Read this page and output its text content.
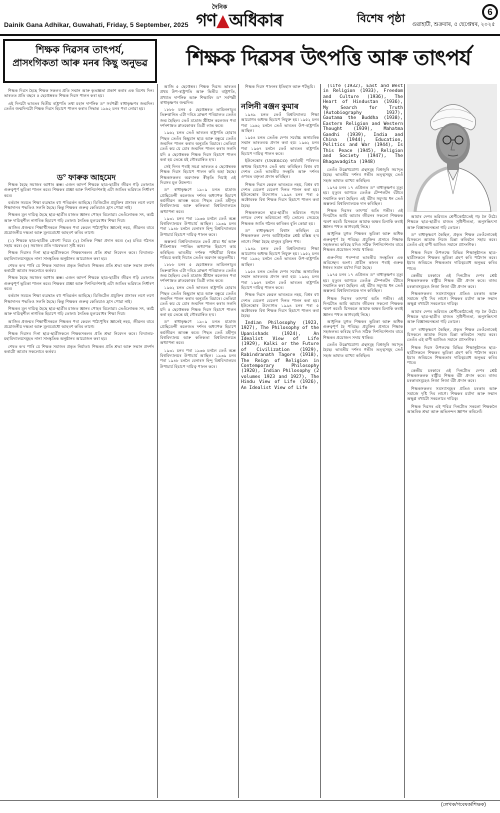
Dainik Gana Adhikar, Guwahati, Friday, 5 September, 2025
দৈনিক
গণ▲অধিকাৰ	বিশেষ পৃষ্ঠা গুৱাহাটী, শুক্ৰবাৰ, ৫ ছেপ্তেম্বৰ, ২০২৫
6
শিক্ষক দিৱসৰ তাৎপৰ্য,
প্ৰাসংগিকতা আৰু মনৰ কিছু অনুভৱ

শিক্ষক দিৱস হৈছে শিক্ষক সকলৰ প্ৰতি সন্মান আৰু কৃতজ্ঞতা প্ৰকাশ কৰাৰ এক বিশেষ দিন। ভাৰতত প্ৰতি বছৰে ৫ ছেপ্তেম্বৰত শিক্ষক দিৱস পালন কৰা হয়।

এই দিনটো ভাৰতৰ দ্বিতীয় ৰাষ্ট্ৰপতি তথা মহান দাৰ্শনিক ড° সৰ্বপল্লী ৰাধাকৃষ্ণণৰ জন্মদিন। তেওঁৰ জন্মদিনটো শিক্ষক দিৱস হিচাপে পালন কৰাৰ সিদ্ধান্ত ১৯৬২ চনৰ পৰা লোৱা হয়।

ড° ফাৰুক আহমেদ

শিক্ষক হৈছে সমাজৰ আধাৰ স্তম্ভ। এজন আদৰ্শ শিক্ষকে ছাত্ৰ-ছাত্ৰীৰ জীৱন গঢ়ি তোলাত গুৰুত্বপূৰ্ণ ভূমিকা পালন কৰে। শিক্ষকৰ প্ৰজ্ঞা আৰু দিশনিৰ্দেশনাই এটা জাতিৰ ভৱিষ্যত নিৰ্ধাৰণ কৰে।

বৰ্তমান সময়ত শিক্ষা ব্যৱস্থাত বহু পৰিৱৰ্তন আহিছে। ডিজিটেল প্ৰযুক্তিৰ প্ৰসাৰৰ লগে লগে শিক্ষাদানৰ পদ্ধতিও সলনি হৈছে। কিন্তু শিক্ষকৰ গুৰুত্ব কেতিয়াও হ্ৰাস পোৱা নাই।

শিক্ষকৰ মূল দায়িত্ব হৈছে ছাত্ৰ-ছাত্ৰীৰ মাজত জ্ঞানৰ পোহৰ বিলোৱা। তেওঁলোকক সৎ, কৰ্মঠ আৰু দায়িত্বশীল নাগৰিক হিচাপে গঢ়ি তোলা। নৈতিক মূল্যবোধৰ শিক্ষা দিয়া।

আজিৰ প্ৰজন্মৰ শিক্ষাৰ্থীসকলে শিক্ষকৰ পৰা কেৱল পাঠ্যপুথিৰ জ্ঞানেই নহয়, জীৱনৰ বাবে প্ৰয়োজনীয় দক্ষতা আৰু মূল্যবোধো আহৰণ কৰিব লাগে।

(১) শিক্ষকে ছাত্ৰ-ছাত্ৰীক প্ৰেৰণা দিয়ে। (২) নৈতিক শিক্ষা প্ৰদান কৰে। (৩) চৰিত্ৰ গঠনত সহায় কৰে। (৪) সমাজৰ প্ৰতি দায়বদ্ধতা সৃষ্টি কৰে।

শিক্ষক দিৱসৰ দিনা ছাত্ৰ-ছাত্ৰীসকলে শিক্ষকসকলৰ প্ৰতি শ্ৰদ্ধা নিবেদন কৰে। বিদ্যালয়-মহাবিদ্যালয়সমূহত নানা সাংস্কৃতিক অনুষ্ঠানৰ আয়োজন কৰা হয়।

শেষত ক'ব পাৰি যে শিক্ষক সমাজৰ প্ৰকৃত নিৰ্মাতা। শিক্ষকৰ প্ৰতি শ্ৰদ্ধা আৰু সন্মান প্ৰদৰ্শন কৰাটো আমাৰ সকলোৰে কৰ্তব্য।

শিক্ষক হৈছে সমাজৰ আধাৰ স্তম্ভ। এজন আদৰ্শ শিক্ষকে ছাত্ৰ-ছাত্ৰীৰ জীৱন গঢ়ি তোলাত গুৰুত্বপূৰ্ণ ভূমিকা পালন কৰে। শিক্ষকৰ প্ৰজ্ঞা আৰু দিশনিৰ্দেশনাই এটা জাতিৰ ভৱিষ্যত নিৰ্ধাৰণ কৰে।

বৰ্তমান সময়ত শিক্ষা ব্যৱস্থাত বহু পৰিৱৰ্তন আহিছে। ডিজিটেল প্ৰযুক্তিৰ প্ৰসাৰৰ লগে লগে শিক্ষাদানৰ পদ্ধতিও সলনি হৈছে। কিন্তু শিক্ষকৰ গুৰুত্ব কেতিয়াও হ্ৰাস পোৱা নাই।

শিক্ষকৰ মূল দায়িত্ব হৈছে ছাত্ৰ-ছাত্ৰীৰ মাজত জ্ঞানৰ পোহৰ বিলোৱা। তেওঁলোকক সৎ, কৰ্মঠ আৰু দায়িত্বশীল নাগৰিক হিচাপে গঢ়ি তোলা। নৈতিক মূল্যবোধৰ শিক্ষা দিয়া।

আজিৰ প্ৰজন্মৰ শিক্ষাৰ্থীসকলে শিক্ষকৰ পৰা কেৱল পাঠ্যপুথিৰ জ্ঞানেই নহয়, জীৱনৰ বাবে প্ৰয়োজনীয় দক্ষতা আৰু মূল্যবোধো আহৰণ কৰিব লাগে।

শিক্ষক দিৱসৰ দিনা ছাত্ৰ-ছাত্ৰীসকলে শিক্ষকসকলৰ প্ৰতি শ্ৰদ্ধা নিবেদন কৰে। বিদ্যালয়-মহাবিদ্যালয়সমূহত নানা সাংস্কৃতিক অনুষ্ঠানৰ আয়োজন কৰা হয়।

শেষত ক'ব পাৰি যে শিক্ষক সমাজৰ প্ৰকৃত নিৰ্মাতা। শিক্ষকৰ প্ৰতি শ্ৰদ্ধা আৰু সন্মান প্ৰদৰ্শন কৰাটো আমাৰ সকলোৰে কৰ্তব্য।

শিক্ষক দিৱসৰ উৎপত্তি আৰু তাৎপৰ্য

আজি ৫ ছেপ্তেম্বৰ। শিক্ষক দিৱস। ভাৰতৰ প্ৰথম উপ-ৰাষ্ট্ৰপতি আৰু দ্বিতীয় ৰাষ্ট্ৰপতি, প্ৰখ্যাত দাৰ্শনিক আৰু শিক্ষাবিদ ড° সৰ্বপল্লী ৰাধাকৃষ্ণণৰ জন্মদিন।

১৮৮৮ চনৰ ৫ ছেপ্তেম্বৰত তামিলনাডুৰ তিৰুত্তানিত এটা দৰিদ্ৰ ব্ৰাহ্মণ পৰিয়ালত তেওঁৰ জন্ম হৈছিল। তেওঁ মাদ্ৰাজ খ্ৰীষ্টান কলেজৰ পৰা দৰ্শনশাস্ত্ৰত স্নাতকোত্তৰ ডিগ্ৰী লাভ কৰে।

১৯৬২ চনত তেওঁ ভাৰতৰ ৰাষ্ট্ৰপতি হোৱাৰ পিছত তেওঁৰ কিছুমান ছাত্ৰ আৰু বন্ধুৱে তেওঁৰ জন্মদিন পালন কৰাৰ অনুমতি বিচাৰে। তেতিয়া তেওঁ কয় যে মোৰ জন্মদিন পালন কৰাৰ সলনি যদি ৫ ছেপ্তেম্বৰক শিক্ষক দিৱস হিচাপে পালন কৰা হয় তেন্তে মই গৌৰৱান্বিত হ'ম।

সেই দিনৰ পৰাই সমগ্ৰ ভাৰতত ৫ ছেপ্তেম্বৰক শিক্ষক দিৱস হিচাপে পালন কৰি অহা হৈছে। শিক্ষকসকলৰ অৱদানক স্বীকৃতি দিয়াই এই দিৱসৰ মূল উদ্দেশ্য।

ড° ৰাধাকৃষ্ণণে ১৯০৯ চনত মাদ্ৰাজ প্ৰেছিডেন্সী কলেজত দৰ্শনৰ অধ্যাপক হিচাপে কৰ্মজীৱন আৰম্ভ কৰে। পিছত তেওঁ মহীশূৰ বিশ্ববিদ্যালয় আৰু কলিকতা বিশ্ববিদ্যালয়ত অধ্যাপনা কৰে।

১৯৩১ চনৰ পৰা ১৯৩৬ চনলৈ তেওঁ অন্ধ্ৰ বিশ্ববিদ্যালয়ৰ উপাচাৰ্য আছিল। ১৯৩৯ চনৰ পৰা ১৯৪৮ চনলৈ বেনাৰস হিন্দু বিশ্ববিদ্যালয়ৰ উপাচাৰ্য হিচাপে দায়িত্ব পালন কৰে।

অক্সফৰ্ড বিশ্ববিদ্যালয়ত তেওঁ প্ৰাচ্য ধৰ্ম আৰু নীতিশাস্ত্ৰৰ স্পাল্ডিং অধ্যাপক হিচাপে কাম কৰিছিল। ভাৰতীয় দৰ্শনক পশ্চিমীয়া বিশ্বত পৰিচয় কৰাই দিয়াত তেওঁৰ অৱদান অতুলনীয়।

১৮৮৮ চনৰ ৫ ছেপ্তেম্বৰত তামিলনাডুৰ তিৰুত্তানিত এটা দৰিদ্ৰ ব্ৰাহ্মণ পৰিয়ালত তেওঁৰ জন্ম হৈছিল। তেওঁ মাদ্ৰাজ খ্ৰীষ্টান কলেজৰ পৰা দৰ্শনশাস্ত্ৰত স্নাতকোত্তৰ ডিগ্ৰী লাভ কৰে।

১৯৬২ চনত তেওঁ ভাৰতৰ ৰাষ্ট্ৰপতি হোৱাৰ পিছত তেওঁৰ কিছুমান ছাত্ৰ আৰু বন্ধুৱে তেওঁৰ জন্মদিন পালন কৰাৰ অনুমতি বিচাৰে। তেতিয়া তেওঁ কয় যে মোৰ জন্মদিন পালন কৰাৰ সলনি যদি ৫ ছেপ্তেম্বৰক শিক্ষক দিৱস হিচাপে পালন কৰা হয় তেন্তে মই গৌৰৱান্বিত হ'ম।

ড° ৰাধাকৃষ্ণণে ১৯০৯ চনত মাদ্ৰাজ প্ৰেছিডেন্সী কলেজত দৰ্শনৰ অধ্যাপক হিচাপে কৰ্মজীৱন আৰম্ভ কৰে। পিছত তেওঁ মহীশূৰ বিশ্ববিদ্যালয় আৰু কলিকতা বিশ্ববিদ্যালয়ত অধ্যাপনা কৰে।

১৯৩১ চনৰ পৰা ১৯৩৬ চনলৈ তেওঁ অন্ধ্ৰ বিশ্ববিদ্যালয়ৰ উপাচাৰ্য আছিল। ১৯৩৯ চনৰ পৰা ১৯৪৮ চনলৈ বেনাৰস হিন্দু বিশ্ববিদ্যালয়ৰ উপাচাৰ্য হিচাপে দায়িত্ব পালন কৰে।

শিক্ষক দিৱস পালনৰ ইতিহাস আৰু পটভূমি।

নলিনী ৰঞ্জন কুমাৰ

১৯৪৯ চনত তেওঁ বিশ্ববিদ্যালয় শিক্ষা আয়োগৰ অধ্যক্ষ হিচাপে নিযুক্ত হয়। ১৯৫২ চনৰ পৰা ১৯৬২ চনলৈ তেওঁ ভাৰতৰ উপ-ৰাষ্ট্ৰপতি আছিল।

১৯৫৪ চনত তেওঁক দেশৰ সৰ্বোচ্চ অসামৰিক সন্মান ভাৰতৰত্ন প্ৰদান কৰা হয়। ১৯৬২ চনৰ পৰা ১৯৬৭ চনলৈ তেওঁ ভাৰতৰ ৰাষ্ট্ৰপতি হিচাপে দায়িত্ব পালন কৰে।

ইউনেস্কোৰ (UNESCO) কাৰ্যবাহী পৰিষদৰ অধ্যক্ষ হিচাপেও তেওঁ কাম কৰিছিল। বিশ্বৰ বহু দেশত তেওঁ ভাৰতীয় সংস্কৃতি আৰু দৰ্শনৰ ওপৰত বক্তৃতা প্ৰদান কৰিছিল।

শিক্ষক দিৱস কেৱল ভাৰততে নহয়, বিশ্বৰ বহু দেশত বেলেগ বেলেগ দিনত পালন কৰা হয়। ইউনেস্কোৰ উদ্যোগত ১৯৯৪ চনৰ পৰা ৫ অক্টোবৰক বিশ্ব শিক্ষক দিৱস হিচাপে পালন কৰা হৈছে।

শিক্ষকসকলে ছাত্ৰ-ছাত্ৰীৰ ভৱিষ্যত গঢ়াৰ লগতে দেশৰ ভৱিষ্যতো গঢ়ি তোলে। সেয়েহে শিক্ষকক জাতি গঠনৰ কাৰিকৰ বুলি কোৱা হয়।

ড° ৰাধাকৃষ্ণণে বিশ্বাস কৰিছিল যে শিক্ষকসকল দেশৰ আটাইতকৈ শ্ৰেষ্ঠ মস্তিষ্ক হ'ব লাগে। শিক্ষা হৈছে মানুহৰ মুক্তিৰ পথ।

১৯৪৯ চনত তেওঁ বিশ্ববিদ্যালয় শিক্ষা আয়োগৰ অধ্যক্ষ হিচাপে নিযুক্ত হয়। ১৯৫২ চনৰ পৰা ১৯৬২ চনলৈ তেওঁ ভাৰতৰ উপ-ৰাষ্ট্ৰপতি আছিল।

১৯৫৪ চনত তেওঁক দেশৰ সৰ্বোচ্চ অসামৰিক সন্মান ভাৰতৰত্ন প্ৰদান কৰা হয়। ১৯৬২ চনৰ পৰা ১৯৬৭ চনলৈ তেওঁ ভাৰতৰ ৰাষ্ট্ৰপতি হিচাপে দায়িত্ব পালন কৰে।

শিক্ষক দিৱস কেৱল ভাৰততে নহয়, বিশ্বৰ বহু দেশত বেলেগ বেলেগ দিনত পালন কৰা হয়। ইউনেস্কোৰ উদ্যোগত ১৯৯৪ চনৰ পৰা ৫ অক্টোবৰক বিশ্ব শিক্ষক দিৱস হিচাপে পালন কৰা হৈছে।

Indian Philosophy (1923, 1927), The Philosophy of the Upanishads (1924), An Idealist View of Life (1929), Kalki or the Future of Civilization (1929), Rabindranath Tagore (1918), The Reign of Religion in Contemporary Philosophy (1920), Indian Philosophy (2 volumes 1923 and 1927), The Hindu View of Life (1926), An Idealist View of Life

(life (1932), East and West in Religion (1933), Freedom and Culture (1936), The Heart of Hindustan (1936), My Search for Truth (Autobiography 1937), Gautama the Buddha (1938), Eastern Religion and Western Thought (1939), Mahatma Gandhi (1939), India and China (1944), Education, Politics and War (1944), Is This Peace (1945), Religion and Society (1947), The Bhagavadgita (1948)

তেওঁৰ উল্লেখযোগ্য গ্ৰন্থসমূহ বিশ্বজুৰি সমাদৃত হৈছে। ভাৰতীয় দৰ্শনৰ গভীৰ তত্ত্বসমূহ তেওঁ সহজ ভাষাত ব্যাখ্যা কৰিছিল।

১৯৭৫ চনৰ ১৭ এপ্ৰিলত ড° ৰাধাকৃষ্ণণৰ মৃত্যু হয়। মৃত্যুৰ আগতে তেওঁক টেম্পলটন বঁটাৰে সন্মানিত কৰা হৈছিল। এই বঁটাৰ সমুদায় ধন তেওঁ অক্সফৰ্ড বিশ্ববিদ্যালয়ক দান কৰিছিল।

শিক্ষক দিৱসৰ তাৎপৰ্য অতি গভীৰ। এই দিনটোত আমি আমাৰ জীৱনৰ সকলো শিক্ষকক স্মৰণ কৰোঁ। যিসকলে আমাক অক্ষৰ চিনাকি কৰাই জ্ঞানৰ পথত আগবঢ়াই নিছে।

আধুনিক যুগত শিক্ষকৰ ভূমিকা আৰু অধিক গুৰুত্বপূৰ্ণ হৈ পৰিছে। প্ৰযুক্তিৰ প্ৰসাৰে শিক্ষাক সহজলভ্য কৰিছে যদিও সঠিক দিশনিৰ্দেশনাৰ বাবে শিক্ষকৰ প্ৰয়োজন সদায় থাকিব।

গুৰু-শিষ্য পৰম্পৰা ভাৰতীয় সংস্কৃতিৰ এক অবিচ্ছেদ্য অংগ। প্ৰাচীন কালৰ পৰাই গুৰুক ঈশ্বৰৰ সমান মৰ্যাদা দিয়া হৈছে।

১৯৭৫ চনৰ ১৭ এপ্ৰিলত ড° ৰাধাকৃষ্ণণৰ মৃত্যু হয়। মৃত্যুৰ আগতে তেওঁক টেম্পলটন বঁটাৰে সন্মানিত কৰা হৈছিল। এই বঁটাৰ সমুদায় ধন তেওঁ অক্সফৰ্ড বিশ্ববিদ্যালয়ক দান কৰিছিল।

শিক্ষক দিৱসৰ তাৎপৰ্য অতি গভীৰ। এই দিনটোত আমি আমাৰ জীৱনৰ সকলো শিক্ষকক স্মৰণ কৰোঁ। যিসকলে আমাক অক্ষৰ চিনাকি কৰাই জ্ঞানৰ পথত আগবঢ়াই নিছে।

আধুনিক যুগত শিক্ষকৰ ভূমিকা আৰু অধিক গুৰুত্বপূৰ্ণ হৈ পৰিছে। প্ৰযুক্তিৰ প্ৰসাৰে শিক্ষাক সহজলভ্য কৰিছে যদিও সঠিক দিশনিৰ্দেশনাৰ বাবে শিক্ষকৰ প্ৰয়োজন সদায় থাকিব।

তেওঁৰ উল্লেখযোগ্য গ্ৰন্থসমূহ বিশ্বজুৰি সমাদৃত হৈছে। ভাৰতীয় দৰ্শনৰ গভীৰ তত্ত্বসমূহ তেওঁ সহজ ভাষাত ব্যাখ্যা কৰিছিল।

আমাৰ দেশৰ ভৱিষ্যত শ্ৰেণীকোঠাতেই গঢ় লৈ উঠে। শিক্ষকে ছাত্ৰ-ছাত্ৰীৰ মাজত সৃষ্টিশীলতা, অনুসন্ধিৎসা আৰু বিজ্ঞানমনস্কতা গঢ়ি তোলে।

ড° ৰাধাকৃষ্ণণে কৈছিল, প্ৰকৃত শিক্ষক তেওঁলোকেই যিসকলে আমাক নিজে চিন্তা কৰিবলৈ সহায় কৰে। তেওঁৰ এই বাণী আজিও সমানে প্ৰাসংগিক।

শিক্ষক দিৱস উপলক্ষে বিভিন্ন শিক্ষানুষ্ঠানত ছাত্ৰ-ছাত্ৰীসকলে শিক্ষকৰ ভূমিকা গ্ৰহণ কৰি পাঠদান কৰে। ইয়াৰ জৰিয়তে শিক্ষকতাৰ দায়িত্ববোধ অনুভৱ কৰিব পাৰে।

কেন্দ্ৰীয় চৰকাৰে এই দিনটোত দেশৰ শ্ৰেষ্ঠ শিক্ষকসকলক ৰাষ্ট্ৰীয় শিক্ষক বঁটা প্ৰদান কৰে। ৰাজ্য চৰকাৰসমূহেও নিজা নিজা বঁটা প্ৰদান কৰে।

শিক্ষকসকলৰ সমস্যাসমূহৰ প্ৰতিও চৰকাৰ আৰু সমাজে দৃষ্টি দিব লাগে। শিক্ষকৰ মৰ্যাদা আৰু সন্মান অক্ষুণ্ণ ৰখাটো সকলোৰে দায়িত্ব।

আমাৰ দেশৰ ভৱিষ্যত শ্ৰেণীকোঠাতেই গঢ় লৈ উঠে। শিক্ষকে ছাত্ৰ-ছাত্ৰীৰ মাজত সৃষ্টিশীলতা, অনুসন্ধিৎসা আৰু বিজ্ঞানমনস্কতা গঢ়ি তোলে।

ড° ৰাধাকৃষ্ণণে কৈছিল, প্ৰকৃত শিক্ষক তেওঁলোকেই যিসকলে আমাক নিজে চিন্তা কৰিবলৈ সহায় কৰে। তেওঁৰ এই বাণী আজিও সমানে প্ৰাসংগিক।

শিক্ষক দিৱস উপলক্ষে বিভিন্ন শিক্ষানুষ্ঠানত ছাত্ৰ-ছাত্ৰীসকলে শিক্ষকৰ ভূমিকা গ্ৰহণ কৰি পাঠদান কৰে। ইয়াৰ জৰিয়তে শিক্ষকতাৰ দায়িত্ববোধ অনুভৱ কৰিব পাৰে।

কেন্দ্ৰীয় চৰকাৰে এই দিনটোত দেশৰ শ্ৰেষ্ঠ শিক্ষকসকলক ৰাষ্ট্ৰীয় শিক্ষক বঁটা প্ৰদান কৰে। ৰাজ্য চৰকাৰসমূহেও নিজা নিজা বঁটা প্ৰদান কৰে।

শিক্ষকসকলৰ সমস্যাসমূহৰ প্ৰতিও চৰকাৰ আৰু সমাজে দৃষ্টি দিব লাগে। শিক্ষকৰ মৰ্যাদা আৰু সন্মান অক্ষুণ্ণ ৰখাটো সকলোৰে দায়িত্ব।

শিক্ষক দিৱসৰ এই পবিত্ৰ দিনটোত সকলো শিক্ষকলৈ আন্তৰিক শ্ৰদ্ধা আৰু অভিনন্দন জ্ঞাপন কৰিলোঁ।

(লেখক/গবেষক/শিক্ষক)
